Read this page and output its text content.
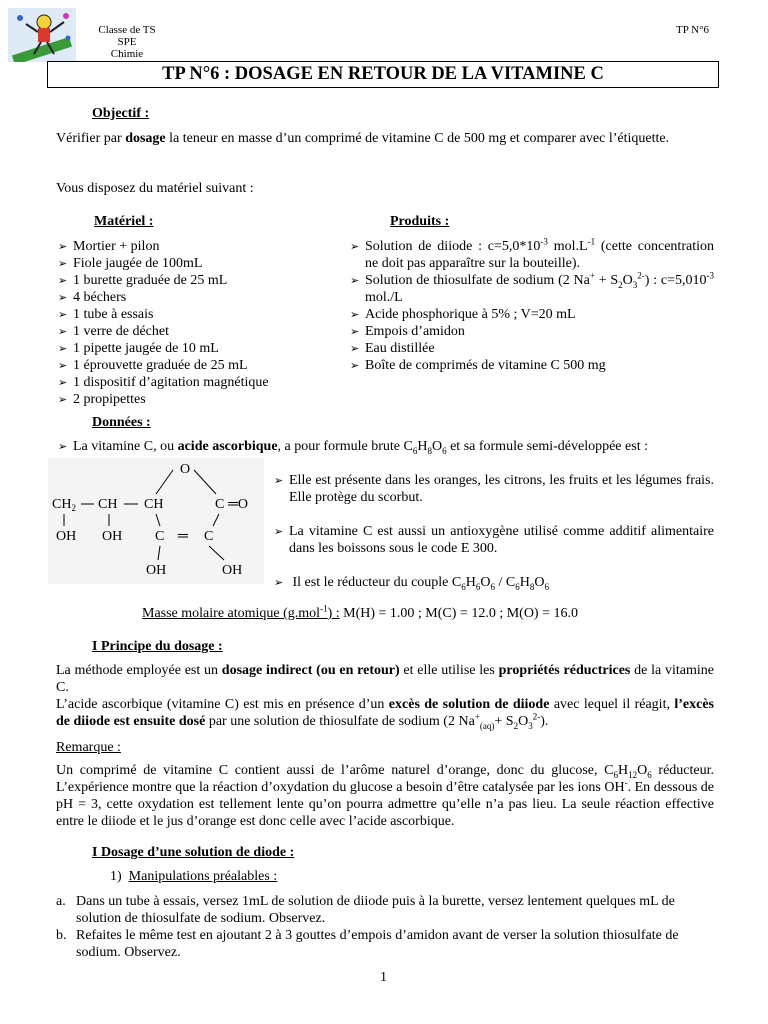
Classe de TS SPE
Chimie
TP N°6
TP N°6 : DOSAGE EN RETOUR DE LA VITAMINE C
Objectif :
Vérifier par dosage la teneur en masse d’un comprimé de vitamine C de 500 mg et comparer avec l’étiquette.
Vous disposez du matériel suivant :
Matériel :
➢ Mortier + pilon
➢ Fiole jaugée de 100mL
➢ 1 burette graduée de 25 mL
➢ 4 béchers
➢ 1 tube à essais
➢ 1 verre de déchet
➢ 1 pipette jaugée de 10 mL
➢ 1 éprouvette graduée de 25 mL
➢ 1 dispositif d’agitation magnétique
➢ 2 propipettes
Produits :
➢ Solution de diiode : $c=5,0*10^{-3}$ $mol.L^{-1}$ (cette concentration ne doit pas apparaître sur la bouteille).
➢ Solution de thiosulfate de sodium (2 $Na^+ + S_2O_3^{2-}$) : $c=5,010^{-3}$ mol./L
➢ Acide phosphorique à 5% ; V=20 mL
➢ Empois d’amidon
➢ Eau distillée
➢ Boîte de comprimés de vitamine C 500 mg
Données :
➢ La vitamine C, ou acide ascorbique, a pour formule brute $C_6H_8O_6$ et sa formule semi-développée est :
O
$CH_2$ CH CH	C ═O
OH OH C ═ C
OH	OH
➢ Elle est présente dans les oranges, les citrons, les fruits et les légumes frais. Elle protège du scorbut.
➢ La vitamine C est aussi un antioxygène utilisé comme additif alimentaire dans les boissons sous le code E 300.
➢  Il est le réducteur du couple $C_6H_6O_6 / C_6H_8O_6$
Masse molaire atomique (g.mol$^{-1}$) : M(H) = 1.00 ; M(C) = 12.0 ; M(O) = 16.0
I Principe du dosage :
La méthode employée est un dosage indirect (ou en retour) et elle utilise les propriétés réductrices de la vitamine C.
L’acide ascorbique (vitamine C) est mis en présence d’un excès de solution de diiode avec lequel il réagit, l’excès de diiode est ensuite dosé par une solution de thiosulfate de sodium (2 $Na^+_{(aq)}+ S_2O_3^{2-}$).
Remarque :
Un comprimé de vitamine C contient aussi de l’arôme naturel d’orange, donc du glucose, $C_6H_{12}O_6$ réducteur. L’expérience montre que la réaction d’oxydation du glucose a besoin d’être catalysée par les ions OH-. En dessous de pH = 3, cette oxydation est tellement lente qu’on pourra admettre qu’elle n’a pas lieu. La seule réaction effective entre le diiode et le jus d’orange est donc celle avec l’acide ascorbique.
I Dosage d’une solution de diode :
1) Manipulations préalables :
a. Dans un tube à essais, versez 1mL de solution de diiode puis à la burette, versez lentement quelques mL de solution de thiosulfate de sodium. Observez.
b. Refaites le même test en ajoutant 2 à 3 gouttes d’empois d’amidon avant de verser la solution thiosulfate de sodium. Observez.
1
